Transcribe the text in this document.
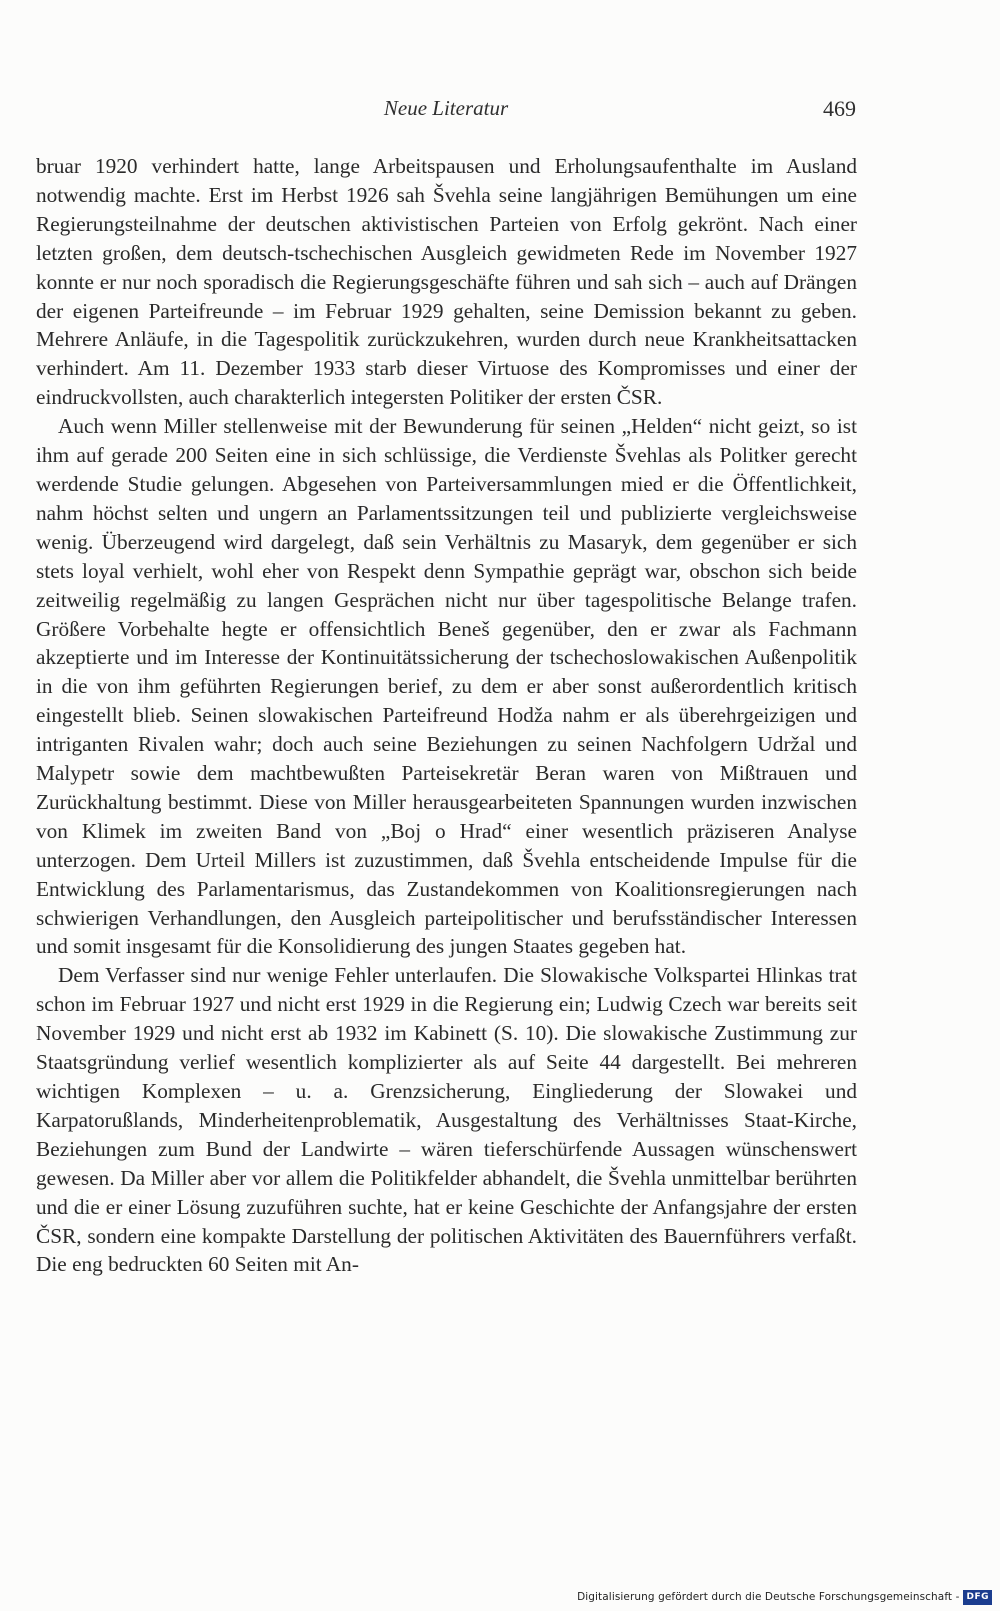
Neue Literatur	469

bruar 1920 verhindert hatte, lange Arbeitspausen und Erholungsaufenthalte im Ausland notwendig machte. Erst im Herbst 1926 sah Švehla seine langjährigen Bemühungen um eine Regierungsteilnahme der deutschen aktivistischen Parteien von Erfolg gekrönt. Nach einer letzten großen, dem deutsch-tschechischen Ausgleich gewidmeten Rede im November 1927 konnte er nur noch sporadisch die Regierungsgeschäfte führen und sah sich – auch auf Drängen der eigenen Parteifreunde – im Februar 1929 gehalten, seine Demission bekannt zu geben. Mehrere Anläufe, in die Tagespolitik zurückzukehren, wurden durch neue Krankheitsattacken verhindert. Am 11. Dezember 1933 starb dieser Virtuose des Kompromisses und einer der eindruckvollsten, auch charakterlich integersten Politiker der ersten ČSR.

Auch wenn Miller stellenweise mit der Bewunderung für seinen „Helden“ nicht geizt, so ist ihm auf gerade 200 Seiten eine in sich schlüssige, die Verdienste Švehlas als Politker gerecht werdende Studie gelungen. Abgesehen von Parteiversammlungen mied er die Öffentlichkeit, nahm höchst selten und ungern an Parlamentssitzungen teil und publizierte vergleichsweise wenig. Überzeugend wird dargelegt, daß sein Verhältnis zu Masaryk, dem gegenüber er sich stets loyal verhielt, wohl eher von Respekt denn Sympathie geprägt war, obschon sich beide zeitweilig regelmäßig zu langen Gesprächen nicht nur über tagespolitische Belange trafen. Größere Vorbehalte hegte er offensichtlich Beneš gegenüber, den er zwar als Fachmann akzeptierte und im Interesse der Kontinuitätssicherung der tschechoslowakischen Außenpolitik in die von ihm geführten Regierungen berief, zu dem er aber sonst außerordentlich kritisch eingestellt blieb. Seinen slowakischen Parteifreund Hodža nahm er als überehrgeizigen und intriganten Rivalen wahr; doch auch seine Beziehungen zu seinen Nachfolgern Udržal und Malypetr sowie dem machtbewußten Parteisekretär Beran waren von Mißtrauen und Zurückhaltung bestimmt. Diese von Miller herausgearbeiteten Spannungen wurden inzwischen von Klimek im zweiten Band von „Boj o Hrad“ einer wesentlich präziseren Analyse unterzogen. Dem Urteil Millers ist zuzustimmen, daß Švehla entscheidende Impulse für die Entwicklung des Parlamentarismus, das Zustandekommen von Koalitionsregierungen nach schwierigen Verhandlungen, den Ausgleich parteipolitischer und berufsständischer Interessen und somit insgesamt für die Konsolidierung des jungen Staates gegeben hat.

Dem Verfasser sind nur wenige Fehler unterlaufen. Die Slowakische Volkspartei Hlinkas trat schon im Februar 1927 und nicht erst 1929 in die Regierung ein; Ludwig Czech war bereits seit November 1929 und nicht erst ab 1932 im Kabinett (S. 10). Die slowakische Zustimmung zur Staatsgründung verlief wesentlich komplizierter als auf Seite 44 dargestellt. Bei mehreren wichtigen Komplexen – u. a. Grenzsicherung, Eingliederung der Slowakei und Karpatorußlands, Minderheitenproblematik, Ausgestaltung des Verhältnisses Staat-Kirche, Beziehungen zum Bund der Landwirte – wären tieferschürfende Aussagen wünschenswert gewesen. Da Miller aber vor allem die Politikfelder abhandelt, die Švehla unmittelbar berührten und die er einer Lösung zuzuführen suchte, hat er keine Geschichte der Anfangsjahre der ersten ČSR, sondern eine kompakte Darstellung der politischen Aktivitäten des Bauernführers verfaßt. Die eng bedruckten 60 Seiten mit An-

Digitalisierung gefördert durch die Deutsche Forschungsgemeinschaft - DFG
